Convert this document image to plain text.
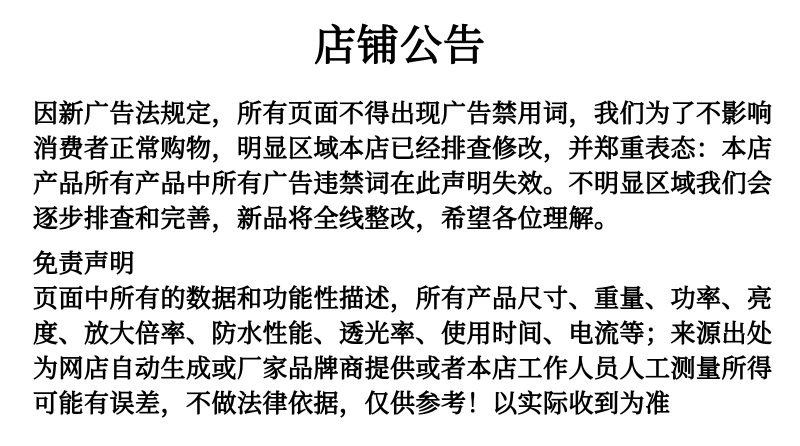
店铺公告
因新广告法规定，所有页面不得出现广告禁用词，我们为了不影响
消费者正常购物，明显区域本店已经排查修改，并郑重表态：本店
产品所有产品中所有广告违禁词在此声明失效。不明显区域我们会
逐步排查和完善，新品将全线整改，希望各位理解。
免责声明
页面中所有的数据和功能性描述，所有产品尺寸、重量、功率、亮
度、放大倍率、防水性能、透光率、使用时间、电流等；来源出处
为网店自动生成或厂家品牌商提供或者本店工作人员人工测量所得
可能有误差，不做法律依据，仅供参考！以实际收到为准
